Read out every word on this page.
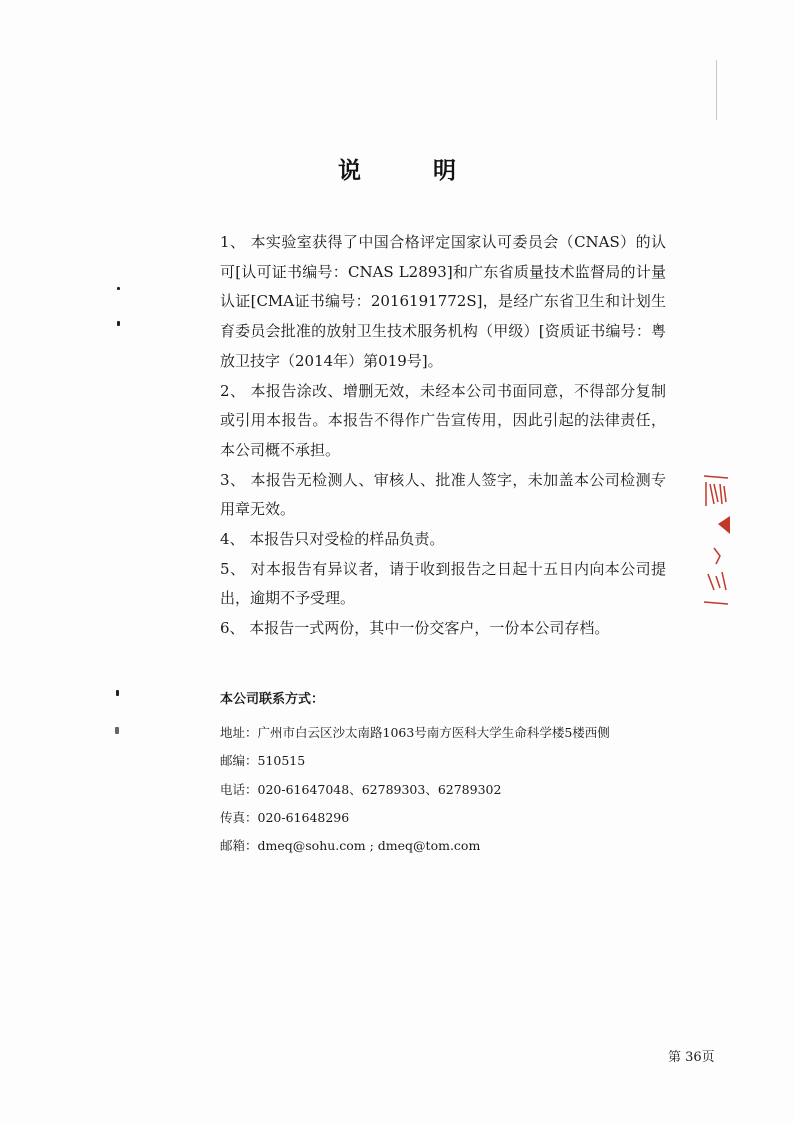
说 明

1、 本实验室获得了中国合格评定国家认可委员会（CNAS）的认可[认可证书编号：CNAS L2893]和广东省质量技术监督局的计量认证[CMA证书编号：2016191772S]，是经广东省卫生和计划生育委员会批准的放射卫生技术服务机构（甲级）[资质证书编号：粤放卫技字（2014年）第019号]。

2、 本报告涂改、增删无效，未经本公司书面同意，不得部分复制或引用本报告。本报告不得作广告宣传用，因此引起的法律责任，本公司概不承担。

3、 本报告无检测人、审核人、批准人签字，未加盖本公司检测专用章无效。

4、 本报告只对受检的样品负责。

5、 对本报告有异议者，请于收到报告之日起十五日内向本公司提出，逾期不予受理。

6、 本报告一式两份，其中一份交客户，一份本公司存档。

本公司联系方式：
地址：广州市白云区沙太南路1063号南方医科大学生命科学楼5楼西侧
邮编：510515
电话：020-61647048、62789303、62789302
传真：020-61648296
邮箱：dmeq@sohu.com ; dmeq@tom.com
第 36页
